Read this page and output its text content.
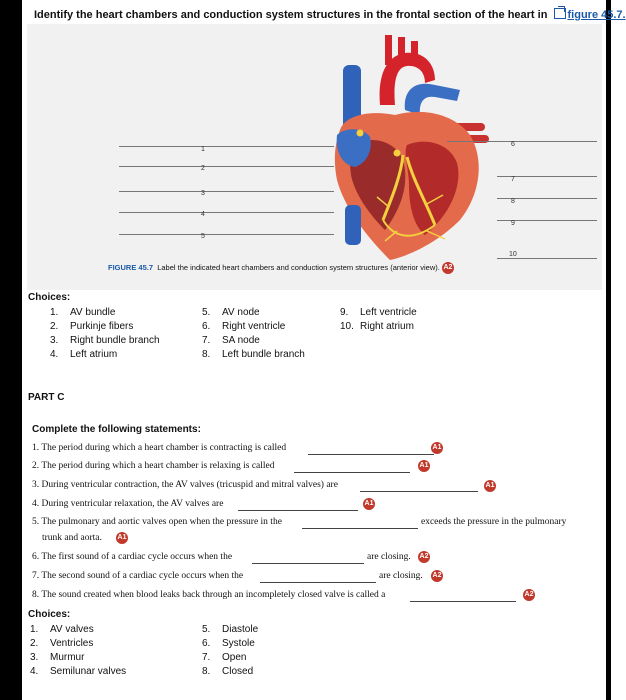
Identify the heart chambers and conduction system structures in the frontal section of the heart in figure 45.7.
1
2
3
4
5
6
7
8
9
10
FIGURE 45.7 Label the indicated heart chambers and conduction system structures (anterior view). A2
Choices:
1. AV bundle
2. Purkinje fibers
3. Right bundle branch
4. Left atrium
5. AV node
6. Right ventricle
7. SA node
8. Left bundle branch
9. Left ventricle
10. Right atrium
PART C
Complete the following statements:
1. The period during which a heart chamber is contracting is called	A1
2. The period during which a heart chamber is relaxing is called	A1
3. During ventricular contraction, the AV valves (tricuspid and mitral valves) are	A1
4. During ventricular relaxation, the AV valves are	A1
5. The pulmonary and aortic valves open when the pressure in the	exceeds the pressure in the pulmonary
trunk and aorta. A1
6. The first sound of a cardiac cycle occurs when the	are closing. A2
7. The second sound of a cardiac cycle occurs when the	are closing. A2
8. The sound created when blood leaks back through an incompletely closed valve is called a	A2
Choices:
1. AV valves
2. Ventricles
3. Murmur
4. Semilunar valves
5. Diastole
6. Systole
7. Open
8. Closed
